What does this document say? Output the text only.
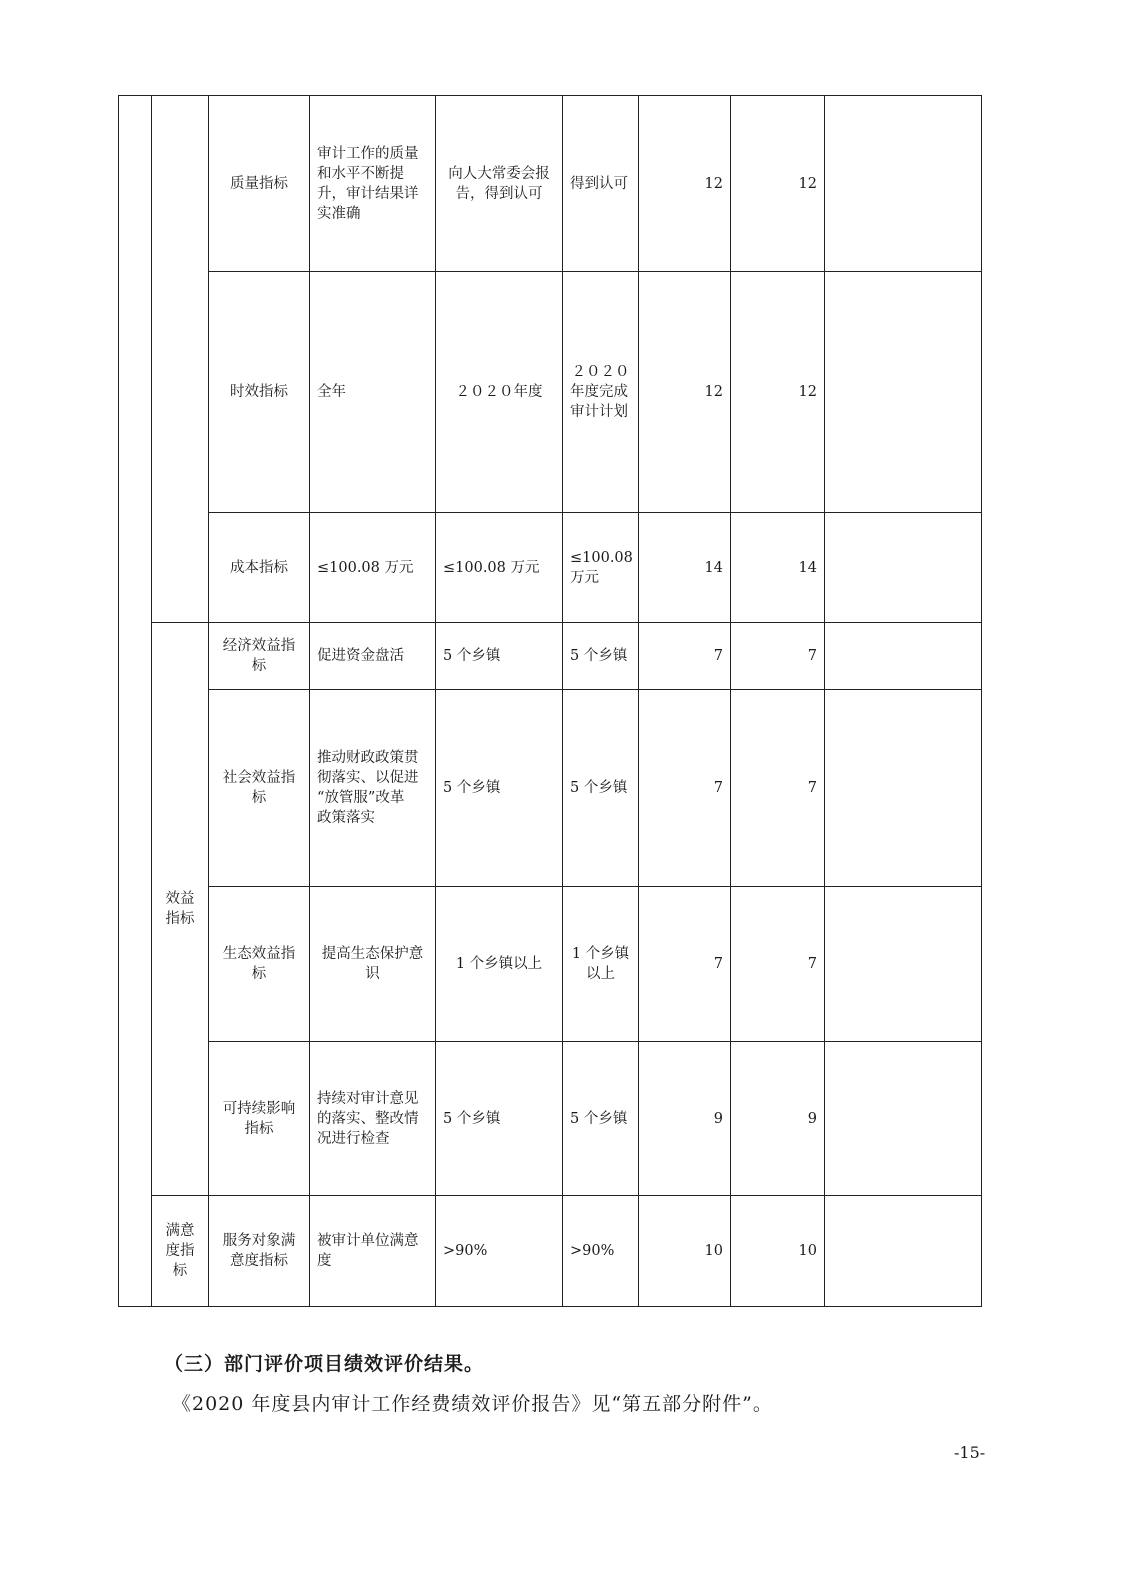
		质量指标	审计工作的质量
和水平不断提
升，审计结果详
实准确	向人大常委会报
告，得到认可	得到认可	12	12	

		时效指标	全年	２０２０年度	２０２０
年度完成
审计计划	12	12	

		成本指标	≤100.08 万元	≤100.08 万元	≤100.08
万元	14	14	

	效益
指标	经济效益指
标	促进资金盘活	5 个乡镇	5 个乡镇	7	7	

		社会效益指
标	推动财政政策贯
彻落实、以促进
“放管服”改革
政策落实	5 个乡镇	5 个乡镇	7	7	

		生态效益指
标	提高生态保护意
识	1 个乡镇以上	1 个乡镇
以上	7	7	

		可持续影响
指标	持续对审计意见
的落实、整改情
况进行检查	5 个乡镇	5 个乡镇	9	9	

	满意
度指
标	服务对象满
意度指标	被审计单位满意
度	>90%	>90%	10	10	
（三）部门评价项目绩效评价结果。
《2020 年度县内审计工作经费绩效评价报告》见“第五部分附件”。
-15-
